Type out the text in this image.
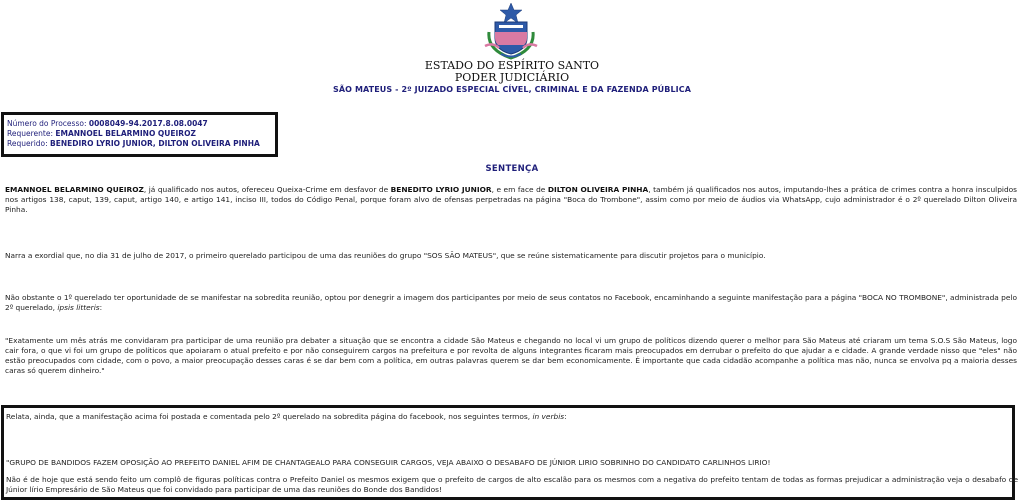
ESTADO DO ESPÍRITO SANTO
PODER JUDICIÁRIO
SÃO MATEUS - 2º JUIZADO ESPECIAL CÍVEL, CRIMINAL E DA FAZENDA PÚBLICA
Número do Processo: 0008049-94.2017.8.08.0047
Requerente: EMANNOEL BELARMINO QUEIROZ
Requerido: BENEDIRO LYRIO JUNIOR, DILTON OLIVEIRA PINHA
SENTENÇA
EMANNOEL BELARMINO QUEIROZ, já qualificado nos autos, ofereceu Queixa-Crime em desfavor de BENEDITO LYRIO JUNIOR, e em face de DILTON OLIVEIRA PINHA, também já qualificados nos autos, imputando-lhes a prática de crimes contra a honra insculpidos nos artigos 138, caput, 139, caput, artigo 140, e artigo 141, inciso III, todos do Código Penal, porque foram alvo de ofensas perpetradas na página "Boca do Trombone", assim como por meio de áudios via WhatsApp, cujo administrador é o 2º querelado Dilton Oliveira Pinha.
Narra a exordial que, no dia 31 de julho de 2017, o primeiro querelado participou de uma das reuniões do grupo "SOS SÃO MATEUS", que se reúne sistematicamente para discutir projetos para o município.
Não obstante o 1º querelado ter oportunidade de se manifestar na sobredita reunião, optou por denegrir a imagem dos participantes por meio de seus contatos no Facebook, encaminhando a seguinte manifestação para a página "BOCA NO TROMBONE", administrada pelo 2º querelado, ipsis litteris:
"Exatamente um mês atrás me convidaram pra participar de uma reunião pra debater a situação que se encontra a cidade São Mateus e chegando no local vi um grupo de políticos dizendo querer o melhor para São Mateus até criaram um tema S.O.S São Mateus, logo cair fora, o que vi foi um grupo de políticos que apoiaram o atual prefeito e por não conseguirem cargos na prefeitura e por revolta de alguns integrantes ficaram mais preocupados em derrubar o prefeito do que ajudar a e cidade. A grande verdade nisso que "eles" não estão preocupados com cidade, com o povo, a maior preocupação desses caras é se dar bem com a política, em outras palavras querem se dar bem economicamente. É importante que cada cidadão acompanhe a política mas não, nunca se envolva pq a maioria desses caras só querem dinheiro."
Relata, ainda, que a manifestação acima foi postada e comentada pelo 2º querelado na sobredita página do facebook, nos seguintes termos, in verbis:
"GRUPO DE BANDIDOS FAZEM OPOSIÇÃO AO PREFEITO DANIEL AFIM DE CHANTAGEALO PARA CONSEGUIR CARGOS, VEJA ABAIXO O DESABAFO DE JÚNIOR LIRIO SOBRINHO DO CANDIDATO CARLINHOS LIRIO!
Não é de hoje que está sendo feito um complô de figuras políticas contra o Prefeito Daniel os mesmos exigem que o prefeito de cargos de alto escalão para os mesmos com a negativa do prefeito tentam de todas as formas prejudicar a administração veja o desabafo de Júnior lírio Empresário de São Mateus que foi convidado para participar de uma das reuniões do Bonde dos Bandidos!
